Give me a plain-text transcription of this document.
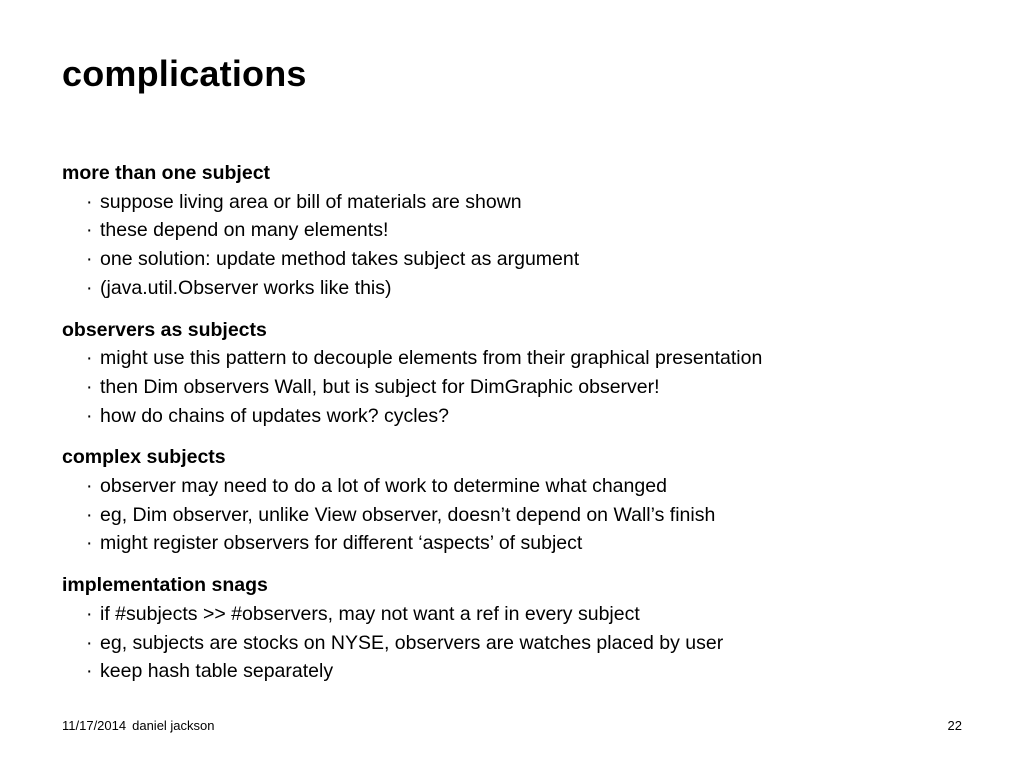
complications
more than one subject
· suppose living area or bill of materials are shown
· these depend on many elements!
· one solution: update method takes subject as argument
· (java.util.Observer works like this)
observers as subjects
· might use this pattern to decouple elements from their graphical presentation
· then Dim observers Wall, but is subject for DimGraphic observer!
· how do chains of updates work? cycles?
complex subjects
· observer may need to do a lot of work to determine what changed
· eg, Dim observer, unlike View observer, doesn’t depend on Wall’s finish
· might register observers for different ‘aspects’ of subject
implementation snags
· if #subjects >> #observers, may not want a ref in every subject
· eg, subjects are stocks on NYSE, observers are watches placed by user
· keep hash table separately
11/17/2014 daniel jackson	22
